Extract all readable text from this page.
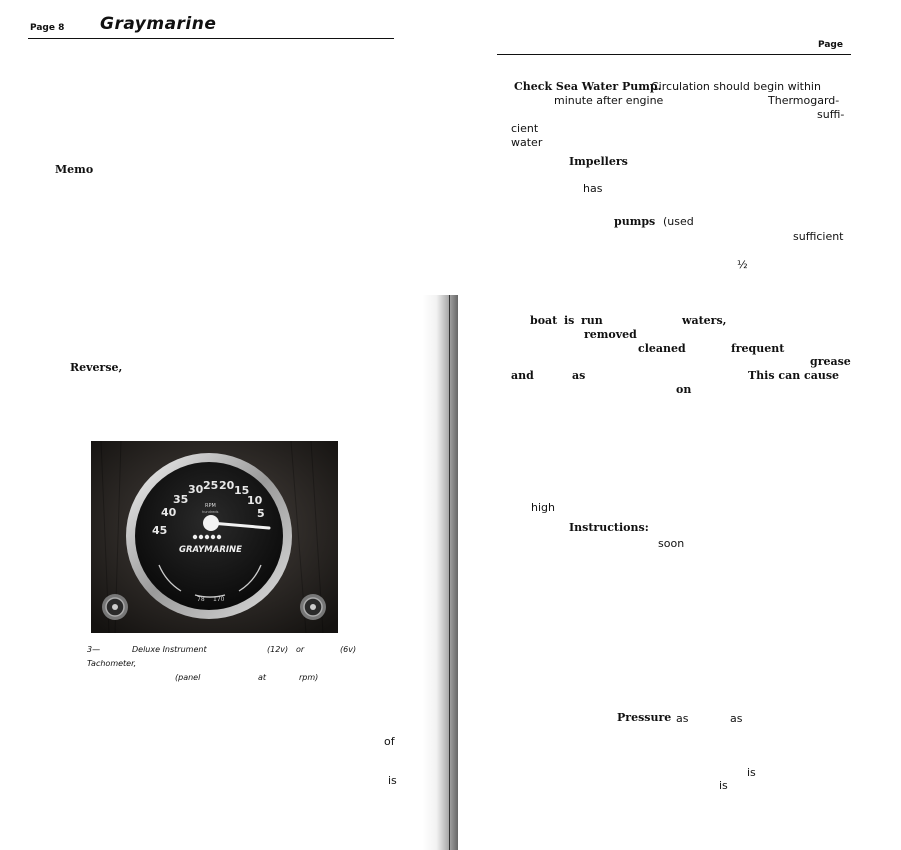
Page 8 Graymarine
Memo
Reverse,
45
40
35
30 25 20 15
10
5
RPM
hundreds
GRAYMARINE
78 170
3—	Deluxe Instrument	(12v) or	(6v)
Tachometer,
(panel	at	rpm)
of
is
Page
Check Sea Water Pump.
Circulation should begin within
minute after engine	Thermogard-
suffi-
cient
water
Impellers
has
pumps (used
sufficient
½
boat is run	waters,
removed
cleaned	frequent
grease
and	as	This can cause
on
high
Instructions:
soon
Pressure as	as
is
is
